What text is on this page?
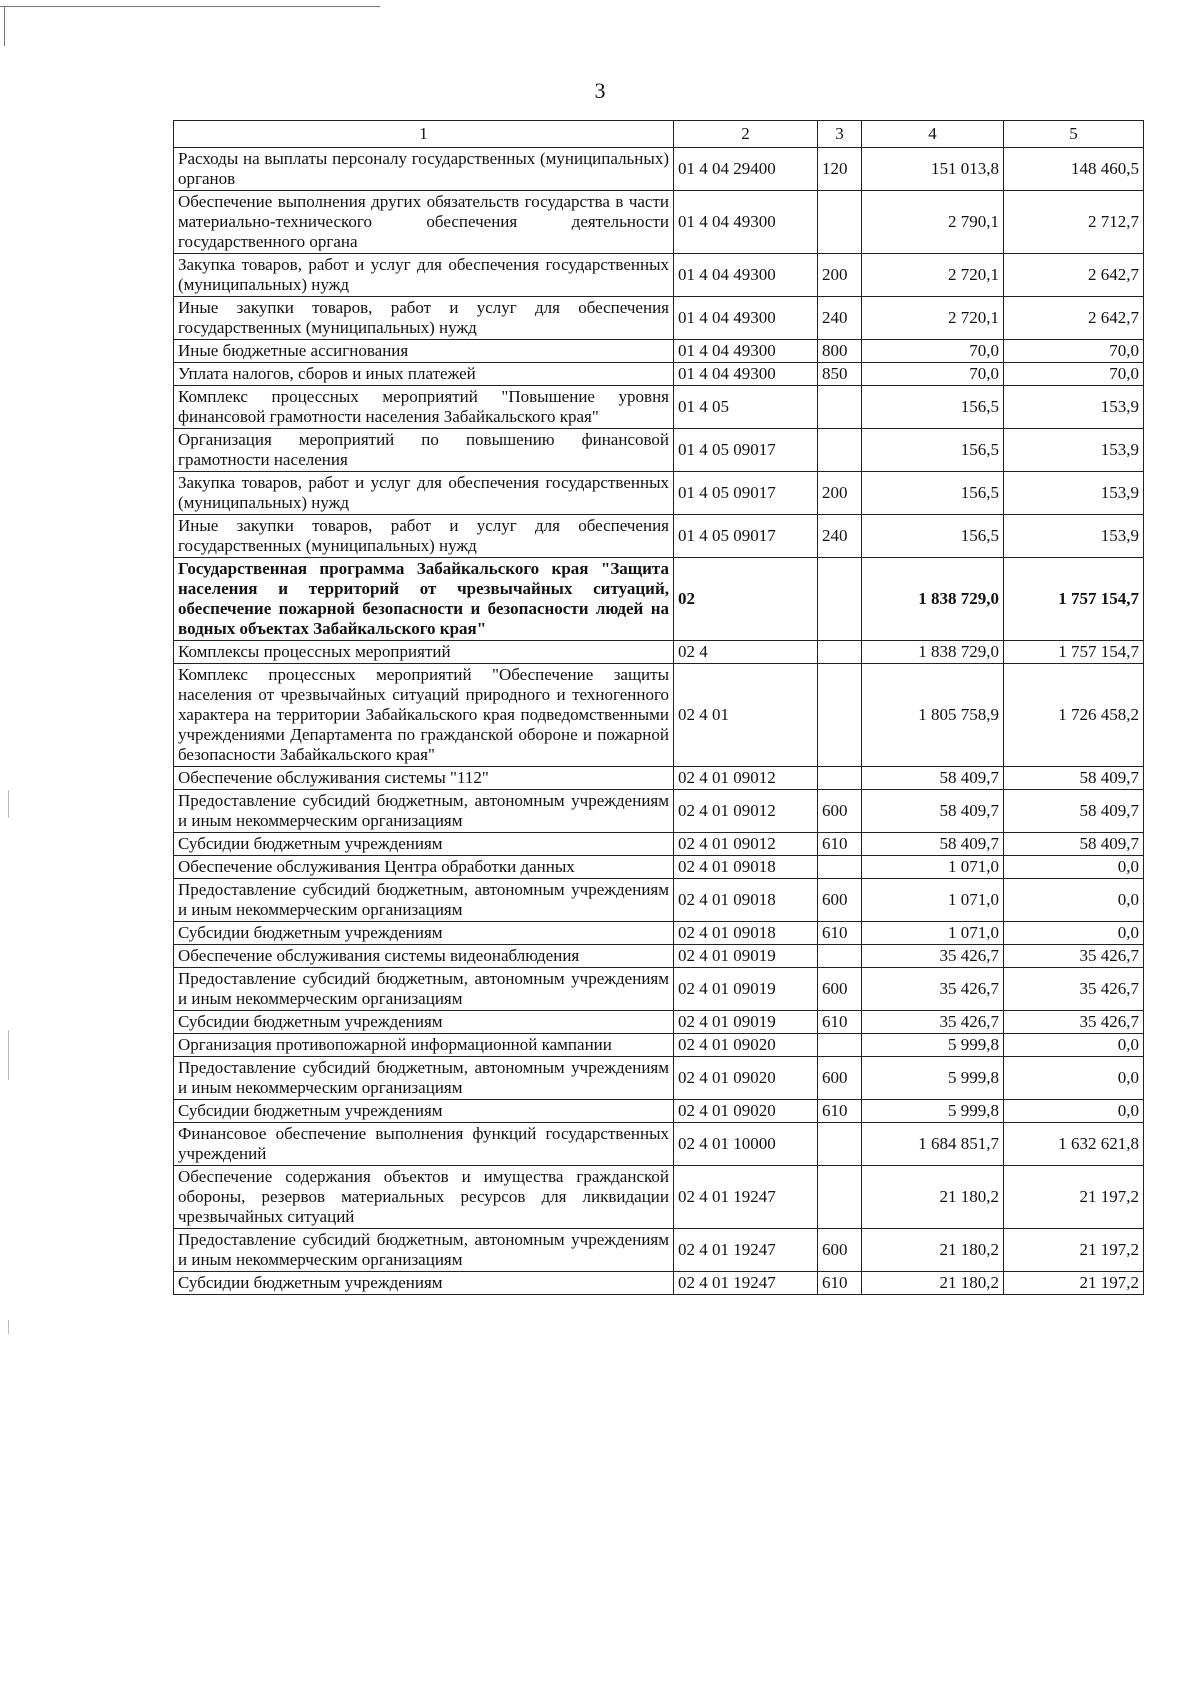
3
1	2	3	4	5
Расходы на выплаты персоналу государственных (муниципальных) органов	01 4 04 29400	120	151 013,8	148 460,5
Обеспечение выполнения других обязательств государства в части материально-технического обеспечения деятельности государственного органа	01 4 04 49300		2 790,1	2 712,7
Закупка товаров, работ и услуг для обеспечения государственных (муниципальных) нужд	01 4 04 49300	200	2 720,1	2 642,7
Иные закупки товаров, работ и услуг для обеспечения государственных (муниципальных) нужд	01 4 04 49300	240	2 720,1	2 642,7
Иные бюджетные ассигнования	01 4 04 49300	800	70,0	70,0
Уплата налогов, сборов и иных платежей	01 4 04 49300	850	70,0	70,0
Комплекс процессных мероприятий "Повышение уровня финансовой грамотности населения Забайкальского края"	01 4 05		156,5	153,9
Организация мероприятий по повышению финансовой грамотности населения	01 4 05 09017		156,5	153,9
Закупка товаров, работ и услуг для обеспечения государственных (муниципальных) нужд	01 4 05 09017	200	156,5	153,9
Иные закупки товаров, работ и услуг для обеспечения государственных (муниципальных) нужд	01 4 05 09017	240	156,5	153,9
Государственная программа Забайкальского края "Защита населения и территорий от чрезвычайных ситуаций, обеспечение пожарной безопасности и безопасности людей на водных объектах Забайкальского края"	02		1 838 729,0	1 757 154,7
Комплексы процессных мероприятий	02 4		1 838 729,0	1 757 154,7
Комплекс процессных мероприятий "Обеспечение защиты населения от чрезвычайных ситуаций природного и техногенного характера на территории Забайкальского края подведомственными учреждениями Департамента по гражданской обороне и пожарной безопасности Забайкальского края"	02 4 01		1 805 758,9	1 726 458,2
Обеспечение обслуживания системы "112"	02 4 01 09012		58 409,7	58 409,7
Предоставление субсидий бюджетным, автономным учреждениям и иным некоммерческим организациям	02 4 01 09012	600	58 409,7	58 409,7
Субсидии бюджетным учреждениям	02 4 01 09012	610	58 409,7	58 409,7
Обеспечение обслуживания Центра обработки данных	02 4 01 09018		1 071,0	0,0
Предоставление субсидий бюджетным, автономным учреждениям и иным некоммерческим организациям	02 4 01 09018	600	1 071,0	0,0
Субсидии бюджетным учреждениям	02 4 01 09018	610	1 071,0	0,0
Обеспечение обслуживания системы видеонаблюдения	02 4 01 09019		35 426,7	35 426,7
Предоставление субсидий бюджетным, автономным учреждениям и иным некоммерческим организациям	02 4 01 09019	600	35 426,7	35 426,7
Субсидии бюджетным учреждениям	02 4 01 09019	610	35 426,7	35 426,7
Организация противопожарной информационной кампании	02 4 01 09020		5 999,8	0,0
Предоставление субсидий бюджетным, автономным учреждениям и иным некоммерческим организациям	02 4 01 09020	600	5 999,8	0,0
Субсидии бюджетным учреждениям	02 4 01 09020	610	5 999,8	0,0
Финансовое обеспечение выполнения функций государственных учреждений	02 4 01 10000		1 684 851,7	1 632 621,8
Обеспечение содержания объектов и имущества гражданской обороны, резервов материальных ресурсов для ликвидации чрезвычайных ситуаций	02 4 01 19247		21 180,2	21 197,2
Предоставление субсидий бюджетным, автономным учреждениям и иным некоммерческим организациям	02 4 01 19247	600	21 180,2	21 197,2
Субсидии бюджетным учреждениям	02 4 01 19247	610	21 180,2	21 197,2
